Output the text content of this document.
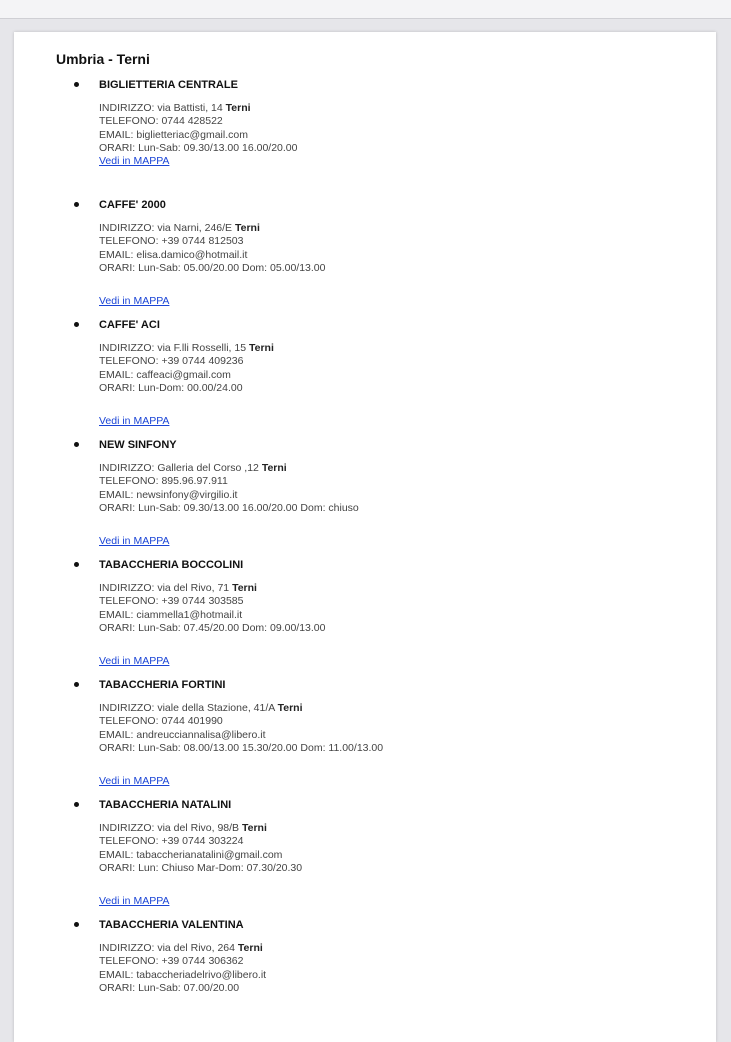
Umbria - Terni
BIGLIETTERIA CENTRALE
INDIRIZZO: via Battisti, 14 Terni
TELEFONO: 0744 428522
EMAIL: biglietteriac@gmail.com
ORARI: Lun-Sab: 09.30/13.00 16.00/20.00
Vedi in MAPPA
CAFFE' 2000
INDIRIZZO: via Narni, 246/E Terni
TELEFONO: +39 0744 812503
EMAIL: elisa.damico@hotmail.it
ORARI: Lun-Sab: 05.00/20.00 Dom: 05.00/13.00
Vedi in MAPPA
CAFFE' ACI
INDIRIZZO: via F.lli Rosselli, 15 Terni
TELEFONO: +39 0744 409236
EMAIL: caffeaci@gmail.com
ORARI: Lun-Dom: 00.00/24.00
Vedi in MAPPA
NEW SINFONY
INDIRIZZO: Galleria del Corso ,12 Terni
TELEFONO: 895.96.97.911
EMAIL: newsinfony@virgilio.it
ORARI: Lun-Sab: 09.30/13.00 16.00/20.00 Dom: chiuso
Vedi in MAPPA
TABACCHERIA BOCCOLINI
INDIRIZZO: via del Rivo, 71 Terni
TELEFONO: +39 0744 303585
EMAIL: ciammella1@hotmail.it
ORARI: Lun-Sab: 07.45/20.00 Dom: 09.00/13.00
Vedi in MAPPA
TABACCHERIA FORTINI
INDIRIZZO: viale della Stazione, 41/A Terni
TELEFONO: 0744 401990
EMAIL: andreucciannalisa@libero.it
ORARI: Lun-Sab: 08.00/13.00 15.30/20.00 Dom: 11.00/13.00
Vedi in MAPPA
TABACCHERIA NATALINI
INDIRIZZO: via del Rivo, 98/B Terni
TELEFONO: +39 0744 303224
EMAIL: tabaccherianatalini@gmail.com
ORARI: Lun: Chiuso Mar-Dom: 07.30/20.30
Vedi in MAPPA
TABACCHERIA VALENTINA
INDIRIZZO: via del Rivo, 264 Terni
TELEFONO: +39 0744 306362
EMAIL: tabaccheriadelrivo@libero.it
ORARI: Lun-Sab: 07.00/20.00
